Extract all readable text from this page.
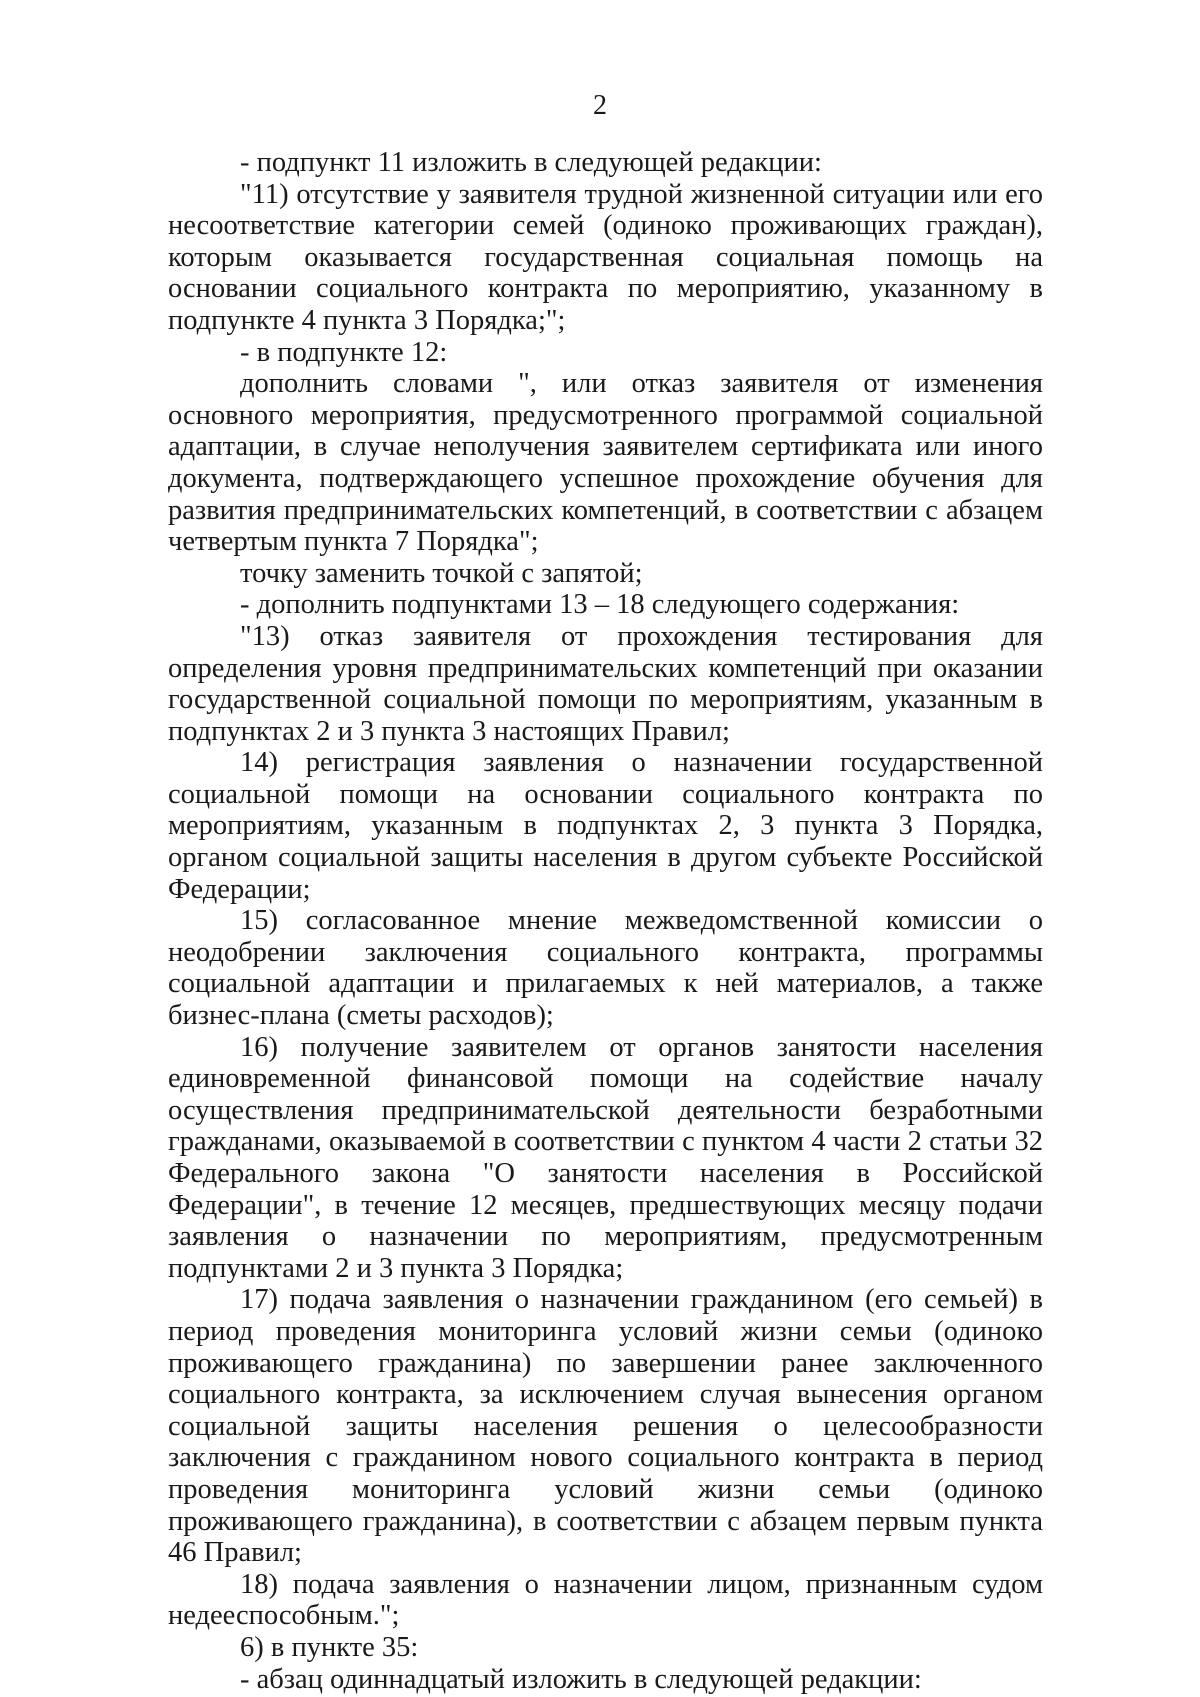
2

- подпункт 11 изложить в следующей редакции:

"11) отсутствие у заявителя трудной жизненной ситуации или его несоответствие категории семей (одиноко проживающих граждан), которым оказывается государственная социальная помощь на основании социального контракта по мероприятию, указанному в подпункте 4 пункта 3 Порядка;";

- в подпункте 12:

дополнить словами ", или отказ заявителя от изменения основного мероприятия, предусмотренного программой социальной адаптации, в случае неполучения заявителем сертификата или иного документа, подтверждающего успешное прохождение обучения для развития предпринимательских компетенций, в соответствии с абзацем четвертым пункта 7 Порядка";

точку заменить точкой с запятой;

- дополнить подпунктами 13 – 18 следующего содержания:

"13) отказ заявителя от прохождения тестирования для определения уровня предпринимательских компетенций при оказании государственной социальной помощи по мероприятиям, указанным в подпунктах 2 и 3 пункта 3 настоящих Правил;

14) регистрация заявления о назначении государственной социальной помощи на основании социального контракта по мероприятиям, указанным в подпунктах 2, 3 пункта 3 Порядка, органом социальной защиты населения в другом субъекте Российской Федерации;

15) согласованное мнение межведомственной комиссии о неодобрении заключения социального контракта, программы социальной адаптации и прилагаемых к ней материалов, а также бизнес-плана (сметы расходов);

16) получение заявителем от органов занятости населения единовременной финансовой помощи на содействие началу осуществления предпринимательской деятельности безработными гражданами, оказываемой в соответствии с пунктом 4 части 2 статьи 32 Федерального закона "О занятости населения в Российской Федерации", в течение 12 месяцев, предшествующих месяцу подачи заявления о назначении по мероприятиям, предусмотренным подпунктами 2 и 3 пункта 3 Порядка;

17) подача заявления о назначении гражданином (его семьей) в период проведения мониторинга условий жизни семьи (одиноко проживающего гражданина) по завершении ранее заключенного социального контракта, за исключением случая вынесения органом социальной защиты населения решения о целесообразности заключения с гражданином нового социального контракта в период проведения мониторинга условий жизни семьи (одиноко проживающего гражданина), в соответствии с абзацем первым пункта 46 Правил;

18) подача заявления о назначении лицом, признанным судом недееспособным.";

6) в пункте 35:

- абзац одиннадцатый изложить в следующей редакции:
